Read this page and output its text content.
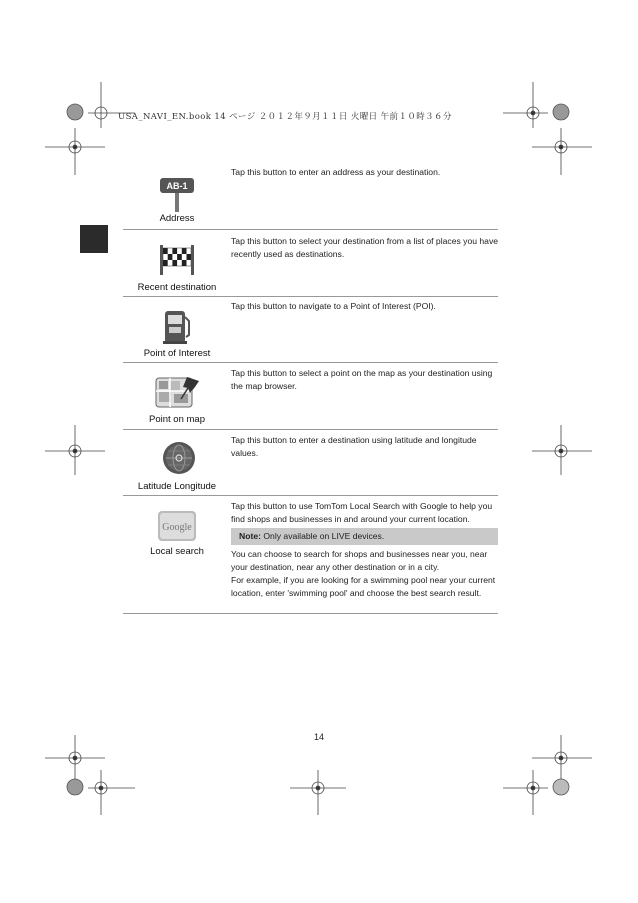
USA_NAVI_EN.book 14 ページ ２０１２年９月１１日 火曜日 午前１０時３６分
AB-1
Address
Tap this button to enter an address as your destination.
Recent destination
Tap this button to select your destination from a list of places you have recently used as destinations.
Point of Interest
Tap this button to navigate to a Point of Interest (POI).
Point on map
Tap this button to select a point on the map as your destination using the map browser.
Latitude Longitude
Tap this button to enter a destination using latitude and longitude values.
Google
Local search
Tap this button to use TomTom Local Search with Google to help you find shops and businesses in and around your current location.
Note: Only available on LIVE devices.
You can choose to search for shops and businesses near you, near your destination, near any other destination or in a city.
For example, if you are looking for a swimming pool near your current location, enter 'swimming pool' and choose the best search result.
14
